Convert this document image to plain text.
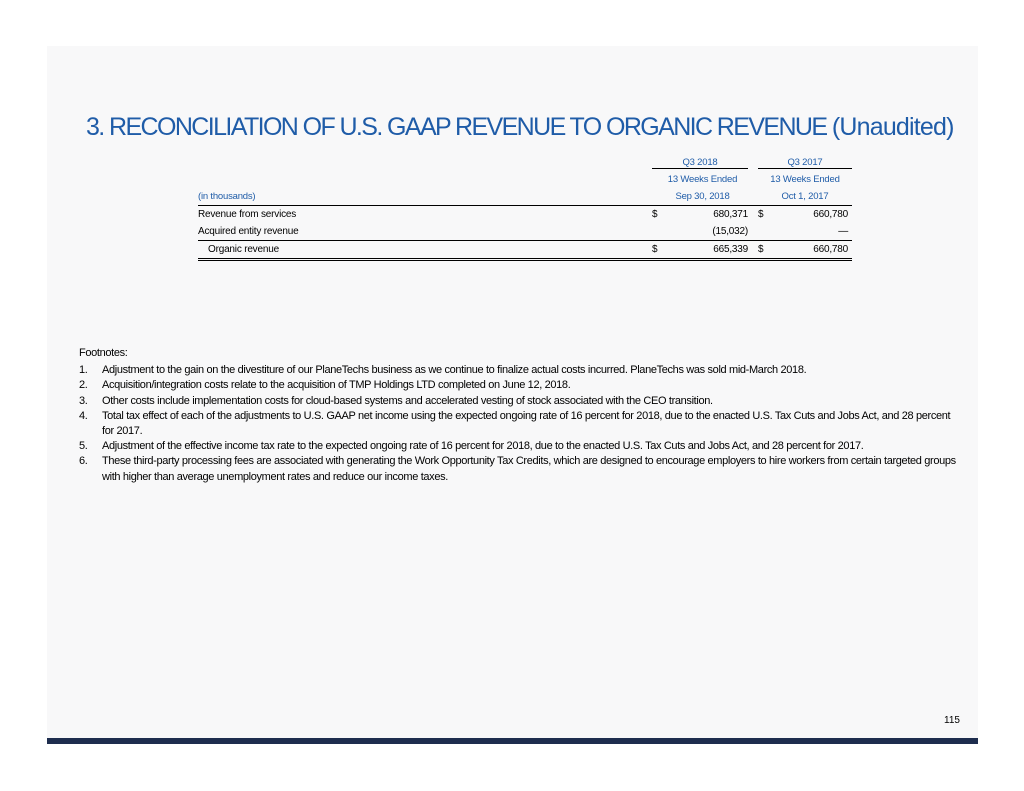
3. RECONCILIATION OF U.S. GAAP REVENUE TO ORGANIC REVENUE (Unaudited)

	Q3 2018			Q3 2017	

	13 Weeks Ended			13 Weeks Ended	
(in thousands)	Sep 30, 2018			Oct 1, 2017	
Revenue from services	$	680,371		$	660,780
Acquired entity revenue		(15,032)			—
Organic revenue	$	665,339		$	660,780

Footnotes:

1.	Adjustment to the gain on the divestiture of our PlaneTechs business as we continue to finalize actual costs incurred. PlaneTechs was sold mid-March 2018.
2.	Acquisition/integration costs relate to the acquisition of TMP Holdings LTD completed on June 12, 2018.
3.	Other costs include implementation costs for cloud-based systems and accelerated vesting of stock associated with the CEO transition.
4.	Total tax effect of each of the adjustments to U.S. GAAP net income using the expected ongoing rate of 16 percent for 2018, due to the enacted U.S. Tax Cuts and Jobs Act, and 28 percent for 2017.
5.	Adjustment of the effective income tax rate to the expected ongoing rate of 16 percent for 2018, due to the enacted U.S. Tax Cuts and Jobs Act, and 28 percent for 2017.
6.	These third-party processing fees are associated with generating the Work Opportunity Tax Credits, which are designed to encourage employers to hire workers from certain targeted groups with higher than average unemployment rates and reduce our income taxes.
115
